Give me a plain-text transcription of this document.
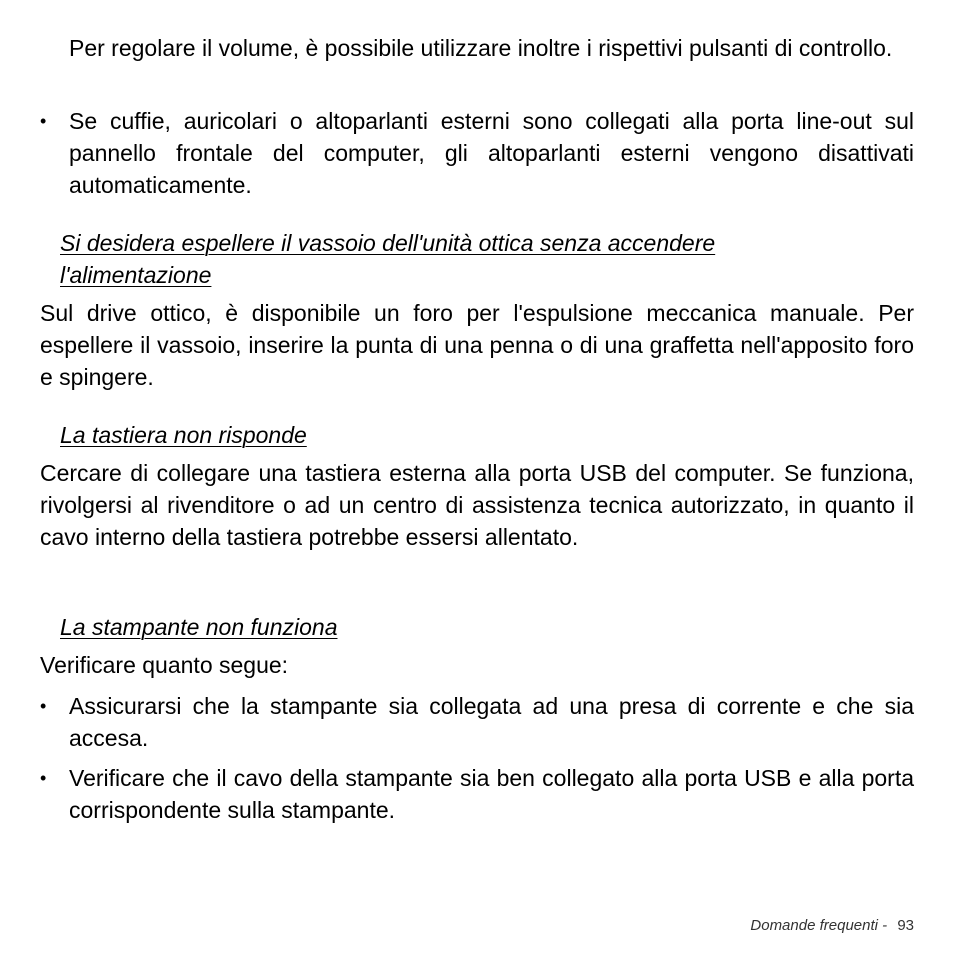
Per regolare il volume, è possibile utilizzare inoltre i rispettivi pulsanti di controllo.

• Se cuffie, auricolari o altoparlanti esterni sono collegati alla porta line-out sul pannello frontale del computer, gli altoparlanti esterni vengono disattivati automaticamente.
Si desidera espellere il vassoio dell'unità ottica senza accendere l'alimentazione

Sul drive ottico, è disponibile un foro per l'espulsione meccanica manuale. Per espellere il vassoio, inserire la punta di una penna o di una graffetta nell'apposito foro e spingere.

La tastiera non risponde

Cercare di collegare una tastiera esterna alla porta USB del computer. Se funziona, rivolgersi al rivenditore o ad un centro di assistenza tecnica autorizzato, in quanto il cavo interno della tastiera potrebbe essersi allentato.

La stampante non funziona

Verificare quanto segue:

• Assicurarsi che la stampante sia collegata ad una presa di corrente e che sia accesa.
• Verificare che il cavo della stampante sia ben collegato alla porta USB e alla porta corrispondente sulla stampante.
Domande frequenti - 93
